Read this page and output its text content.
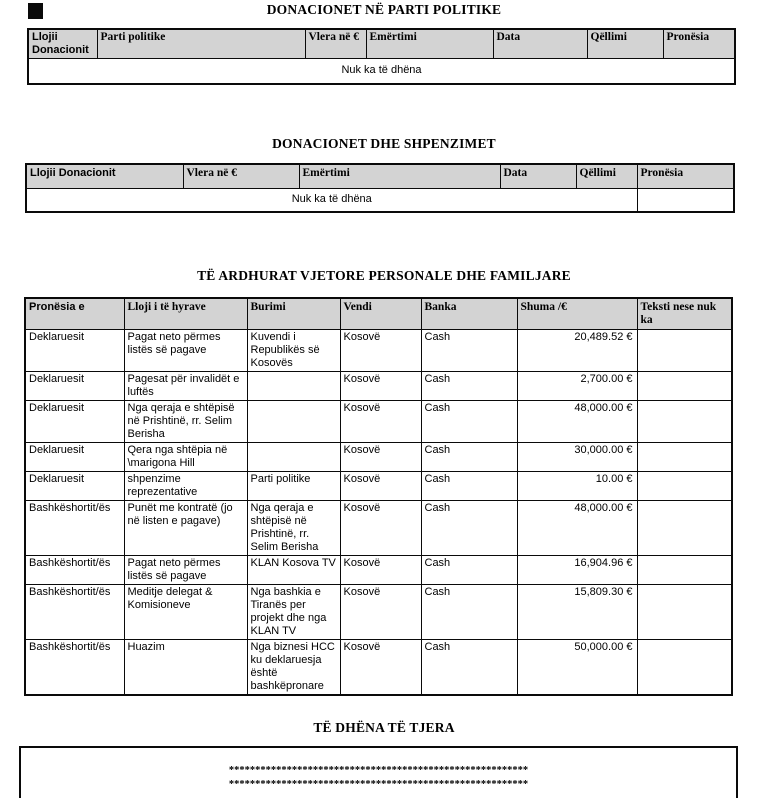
DONACIONET NË PARTI POLITIKE
Llojii Donacionit	Parti politike	Vlera në €	Emërtimi	Data	Qëllimi	Pronësia
Nuk ka të dhëna
DONACIONET DHE SHPENZIMET
Llojii Donacionit	Vlera në €	Emërtimi	Data	Qëllimi	Pronësia
Nuk ka të dhëna					
TË ARDHURAT VJETORE PERSONALE DHE FAMILJARE
Pronësia e	Lloji i të hyrave	Burimi	Vendi	Banka	Shuma /€	Teksti nese nuk ka
Deklaruesit	Pagat neto përmes listës së pagave	Kuvendi i Republikës së Kosovës	Kosovë	Cash	20,489.52 €	
Deklaruesit	Pagesat për invalidët e luftës		Kosovë	Cash	2,700.00 €	
Deklaruesit	Nga qeraja e shtëpisë në Prishtinë, rr. Selim Berisha		Kosovë	Cash	48,000.00 €	
Deklaruesit	Qera nga shtëpia në \marigona Hill		Kosovë	Cash	30,000.00 €	
Deklaruesit	shpenzime reprezentative	Parti politike	Kosovë	Cash	10.00 €	
Bashkëshortit/ës	Punët me kontratë (jo në listen e pagave)	Nga qeraja e shtëpisë në Prishtinë, rr. Selim Berisha	Kosovë	Cash	48,000.00 €	
Bashkëshortit/ës	Pagat neto përmes listës së pagave	KLAN Kosova TV	Kosovë	Cash	16,904.96 €	
Bashkëshortit/ës	Meditje delegat & Komisioneve	Nga bashkia e Tiranës per projekt dhe nga KLAN TV	Kosovë	Cash	15,809.30 €	
Bashkëshortit/ës	Huazim	Nga biznesi HCC ku deklaruesja është bashkëpronare	Kosovë	Cash	50,000.00 €	
TË DHËNA TË TJERA
*********************************************************
*********************************************************
